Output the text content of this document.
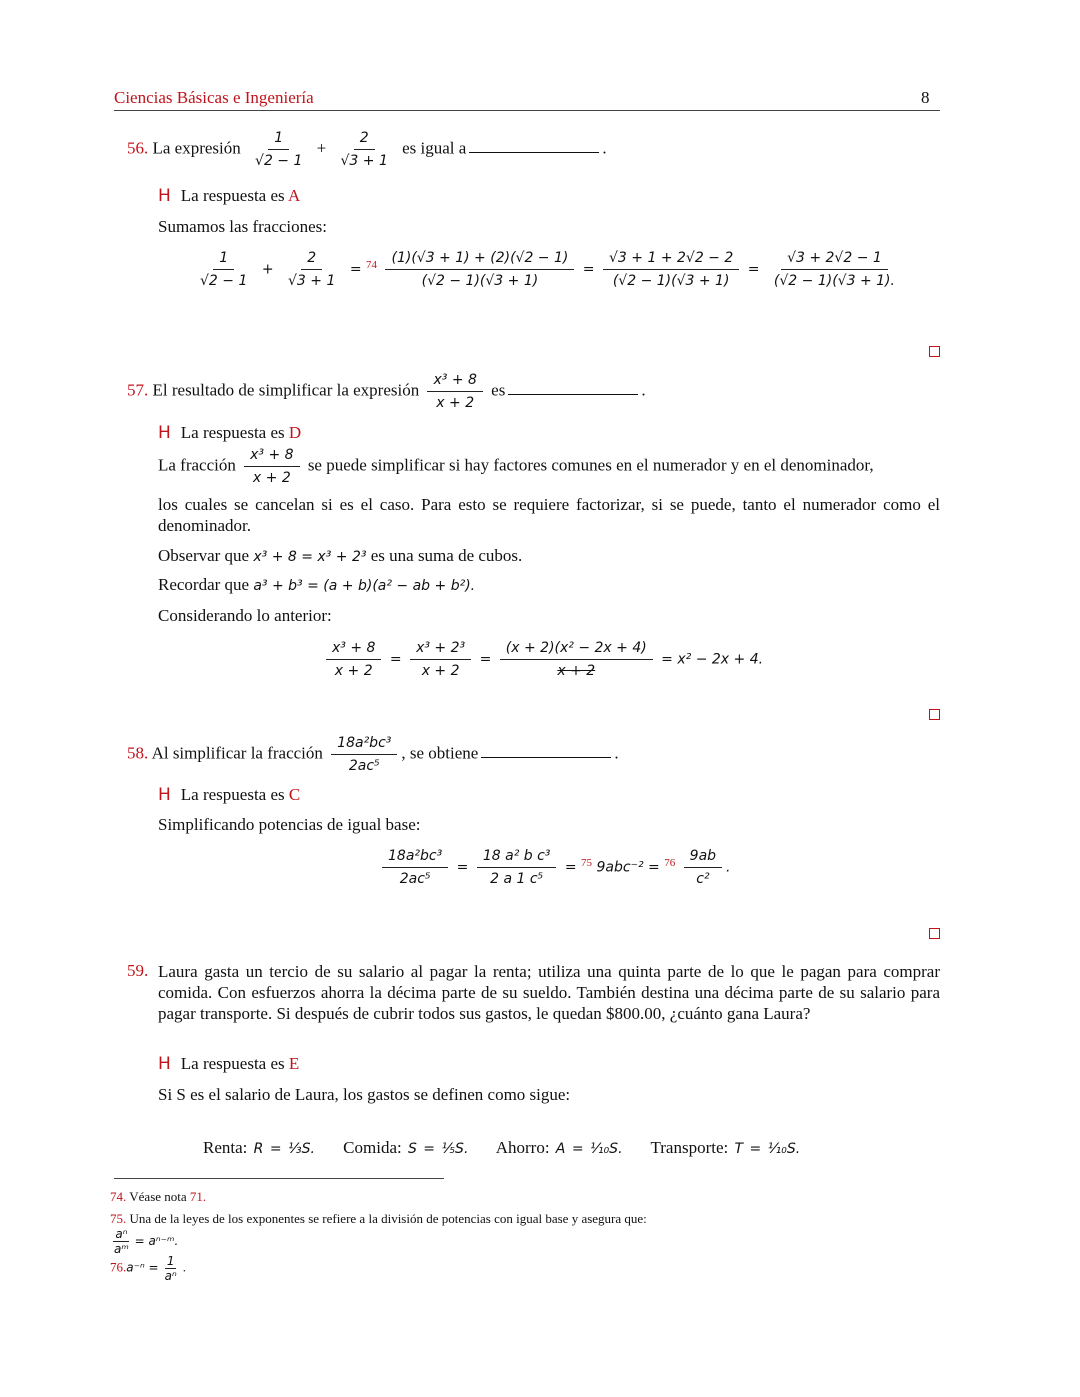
Ciencias Básicas e Ingeniería	8
56. La expresión $\frac{1}{√2 - 1} + \frac{2}{√3 + 1}$ es igual a	.
H La respuesta es A
Sumamos las fracciones:
$\frac{1}{√2 - 1} + \frac{2}{√3 + 1} = ^{74} \frac{(1)(√3 + 1) + (2)(√2 - 1)}{(√2 - 1)(√3 + 1)} = \frac{√3 + 1 + 2√2 - 2}{(√2 - 1)(√3 + 1)} = \frac{√3 + 2√2 - 1}{(√2 - 1)(√3 + 1).}$
57. El resultado de simplificar la expresión $\frac{\text{x³ + 8}}{x + 2}$ es	.
H La respuesta es D
La fracción $\frac{\text{x³ + 8}}{x + 2}$ se puede simplificar si hay factores comunes en el numerador y en el denominador,
los cuales se cancelan si es el caso. Para esto se requiere factorizar, si se puede, tanto el numerador como el denominador.
Observar que x³ + 8 = x³ + 2³ es una suma de cubos.
Recordar que a³ + b³ = (a + b)(a² − ab + b²).
Considerando lo anterior:
$\frac{\text{x³ + 8}}{x + 2} = \frac{\text{x³ + 2³}}{x + 2} = \frac{\text{(x + 2)(x² − 2x + 4)}}{x + 2} = x^2 - 2x + 4$.
58. Al simplificar la fracción $\frac{\text{18a²bc³}}{\text{2ac⁵}}$ , se obtiene	.
H La respuesta es C
Simplificando potencias de igual base:
$\frac{\text{18a²bc³}}{\text{2ac⁵}} = \frac{\text{18 a² b c³}}{\text{2 a 1 c⁵}} = ^{75}$ $9abc^{-2} = ^{76} \frac{9ab}{\text{c²}}$ .
59. Laura gasta un tercio de su salario al pagar la renta; utiliza una quinta parte de lo que le pagan para comprar comida. Con esfuerzos ahorra la décima parte de su sueldo. También destina una décima parte de su salario para pagar transporte. Si después de cubrir todos sus gastos, le quedan $800.00, ¿cuánto gana Laura?
H La respuesta es E
Si S es el salario de Laura, los gastos se definen como sigue:
Renta: R = ⅓S. Comida: S = ⅕S. Ahorro: A = ⅒S. Transporte: T = ⅒S.
74. Véase nota 71.
75. Una de la leyes de los exponentes se refiere a la división de potencias con igual base y asegura que:
$\frac{\text{aⁿ}}{\text{aᵐ}}$ = aⁿ⁻ᵐ.
$76.a^{-n} = \frac{1}{\text{aⁿ}}$ .
